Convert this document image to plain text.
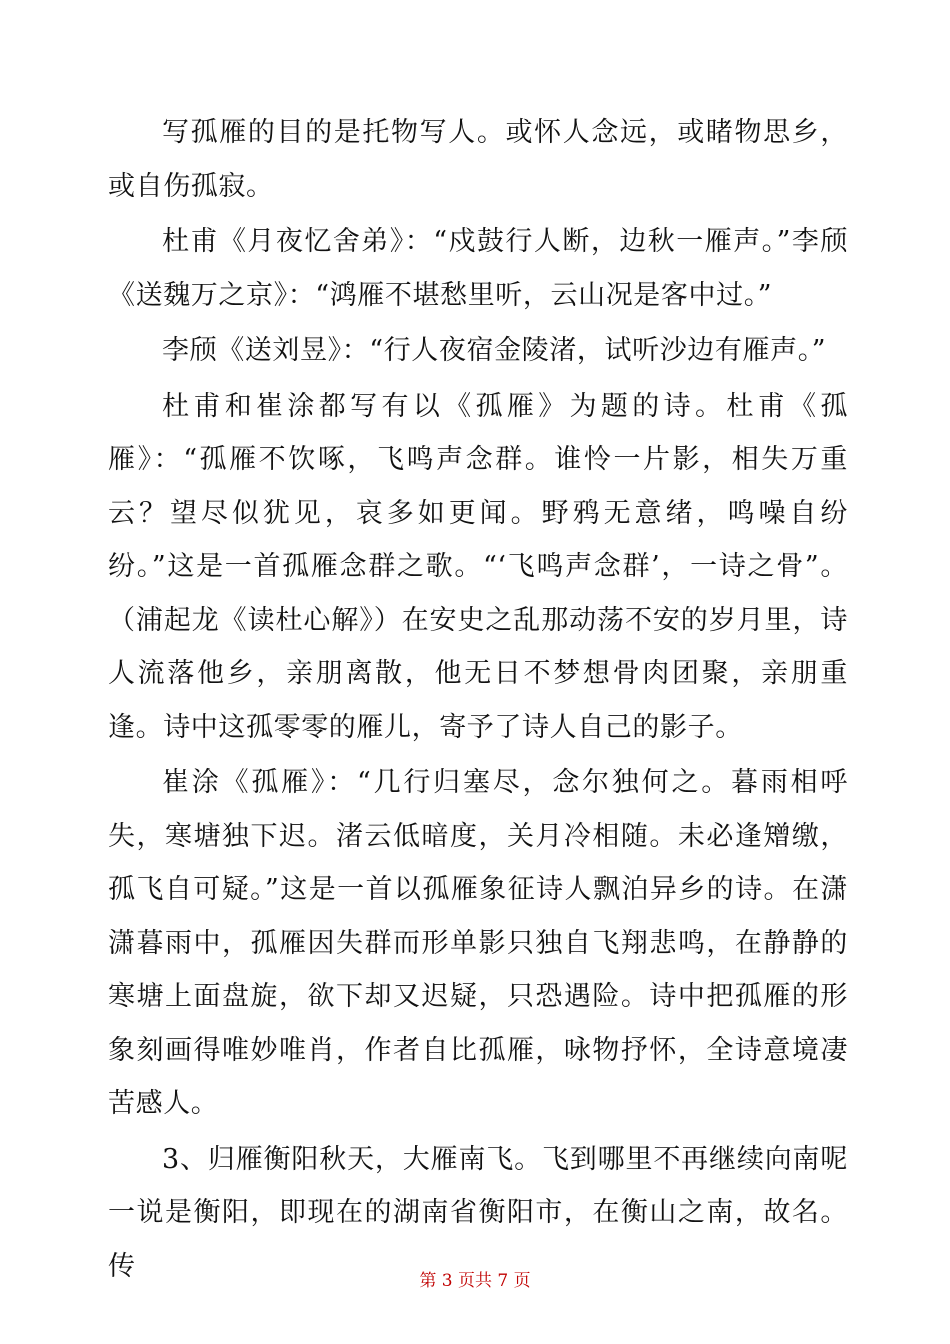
写孤雁的目的是托物写人。或怀人念远，或睹物思乡，或自伤孤寂。

杜甫《月夜忆舍弟》：“戍鼓行人断，边秋一雁声。”李颀《送魏万之京》：“鸿雁不堪愁里听，云山况是客中过。”

李颀《送刘昱》：“行人夜宿金陵渚，试听沙边有雁声。”

杜甫和崔涂都写有以《孤雁》为题的诗。杜甫《孤雁》：“孤雁不饮啄，飞鸣声念群。谁怜一片影，相失万重云？望尽似犹见，哀多如更闻。野鸦无意绪，鸣噪自纷纷。”这是一首孤雁念群之歌。“‘飞鸣声念群’，一诗之骨”。（浦起龙《读杜心解》）在安史之乱那动荡不安的岁月里，诗人流落他乡，亲朋离散，他无日不梦想骨肉团聚，亲朋重逢。诗中这孤零零的雁儿，寄予了诗人自己的影子。

崔涂《孤雁》：“几行归塞尽，念尔独何之。暮雨相呼失，寒塘独下迟。渚云低暗度，关月冷相随。未必逢矰缴，孤飞自可疑。”这是一首以孤雁象征诗人飘泊异乡的诗。在潇潇暮雨中，孤雁因失群而形单影只独自飞翔悲鸣，在静静的寒塘上面盘旋，欲下却又迟疑，只恐遇险。诗中把孤雁的形象刻画得唯妙唯肖，作者自比孤雁，咏物抒怀，全诗意境凄苦感人。

3、归雁衡阳秋天，大雁南飞。飞到哪里不再继续向南呢一说是衡阳，即现在的湖南省衡阳市，在衡山之南，故名。传	第 3 页共 7 页
